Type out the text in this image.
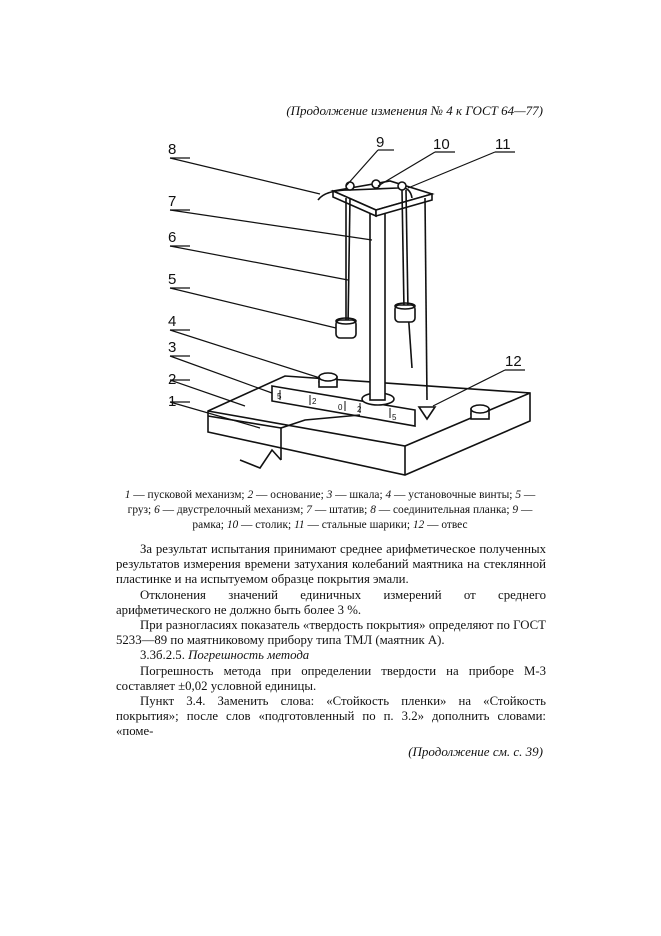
(Продолжение изменения № 4 к ГОСТ 64—77)
1
2
3
4
5
6
7
8	9	10	11
12
5
2
0 2
5
1 — пусковой механизм; 2 — основание; 3 — шкала; 4 — установочные винты; 5 — груз; 6 — двустрелочный механизм; 7 — штатив; 8 — соединительная планка; 9 — рамка; 10 — столик; 11 — стальные шарики; 12 — отвес

За результат испытания принимают среднее арифметическое полученных результатов измерения времени затухания колебаний маятника на стеклянной пластинке и на испытуемом образце покрытия эмали.

Отклонения значений единичных измерений от среднего арифметического не должно быть более 3 %.

При разногласиях показатель «твердость покрытия» определяют по ГОСТ 5233—89 по маятниковому прибору типа ТМЛ (маятник А).

3.3б.2.5. Погрешность метода

Погрешность метода при определении твердости на приборе М-3 составляет ±0,02 условной единицы.

Пункт 3.4. Заменить слова: «Стойкость пленки» на «Стойкость покрытия»; после слов «подготовленный по п. 3.2» дополнить словами: «поме-

(Продолжение см. с. 39)
